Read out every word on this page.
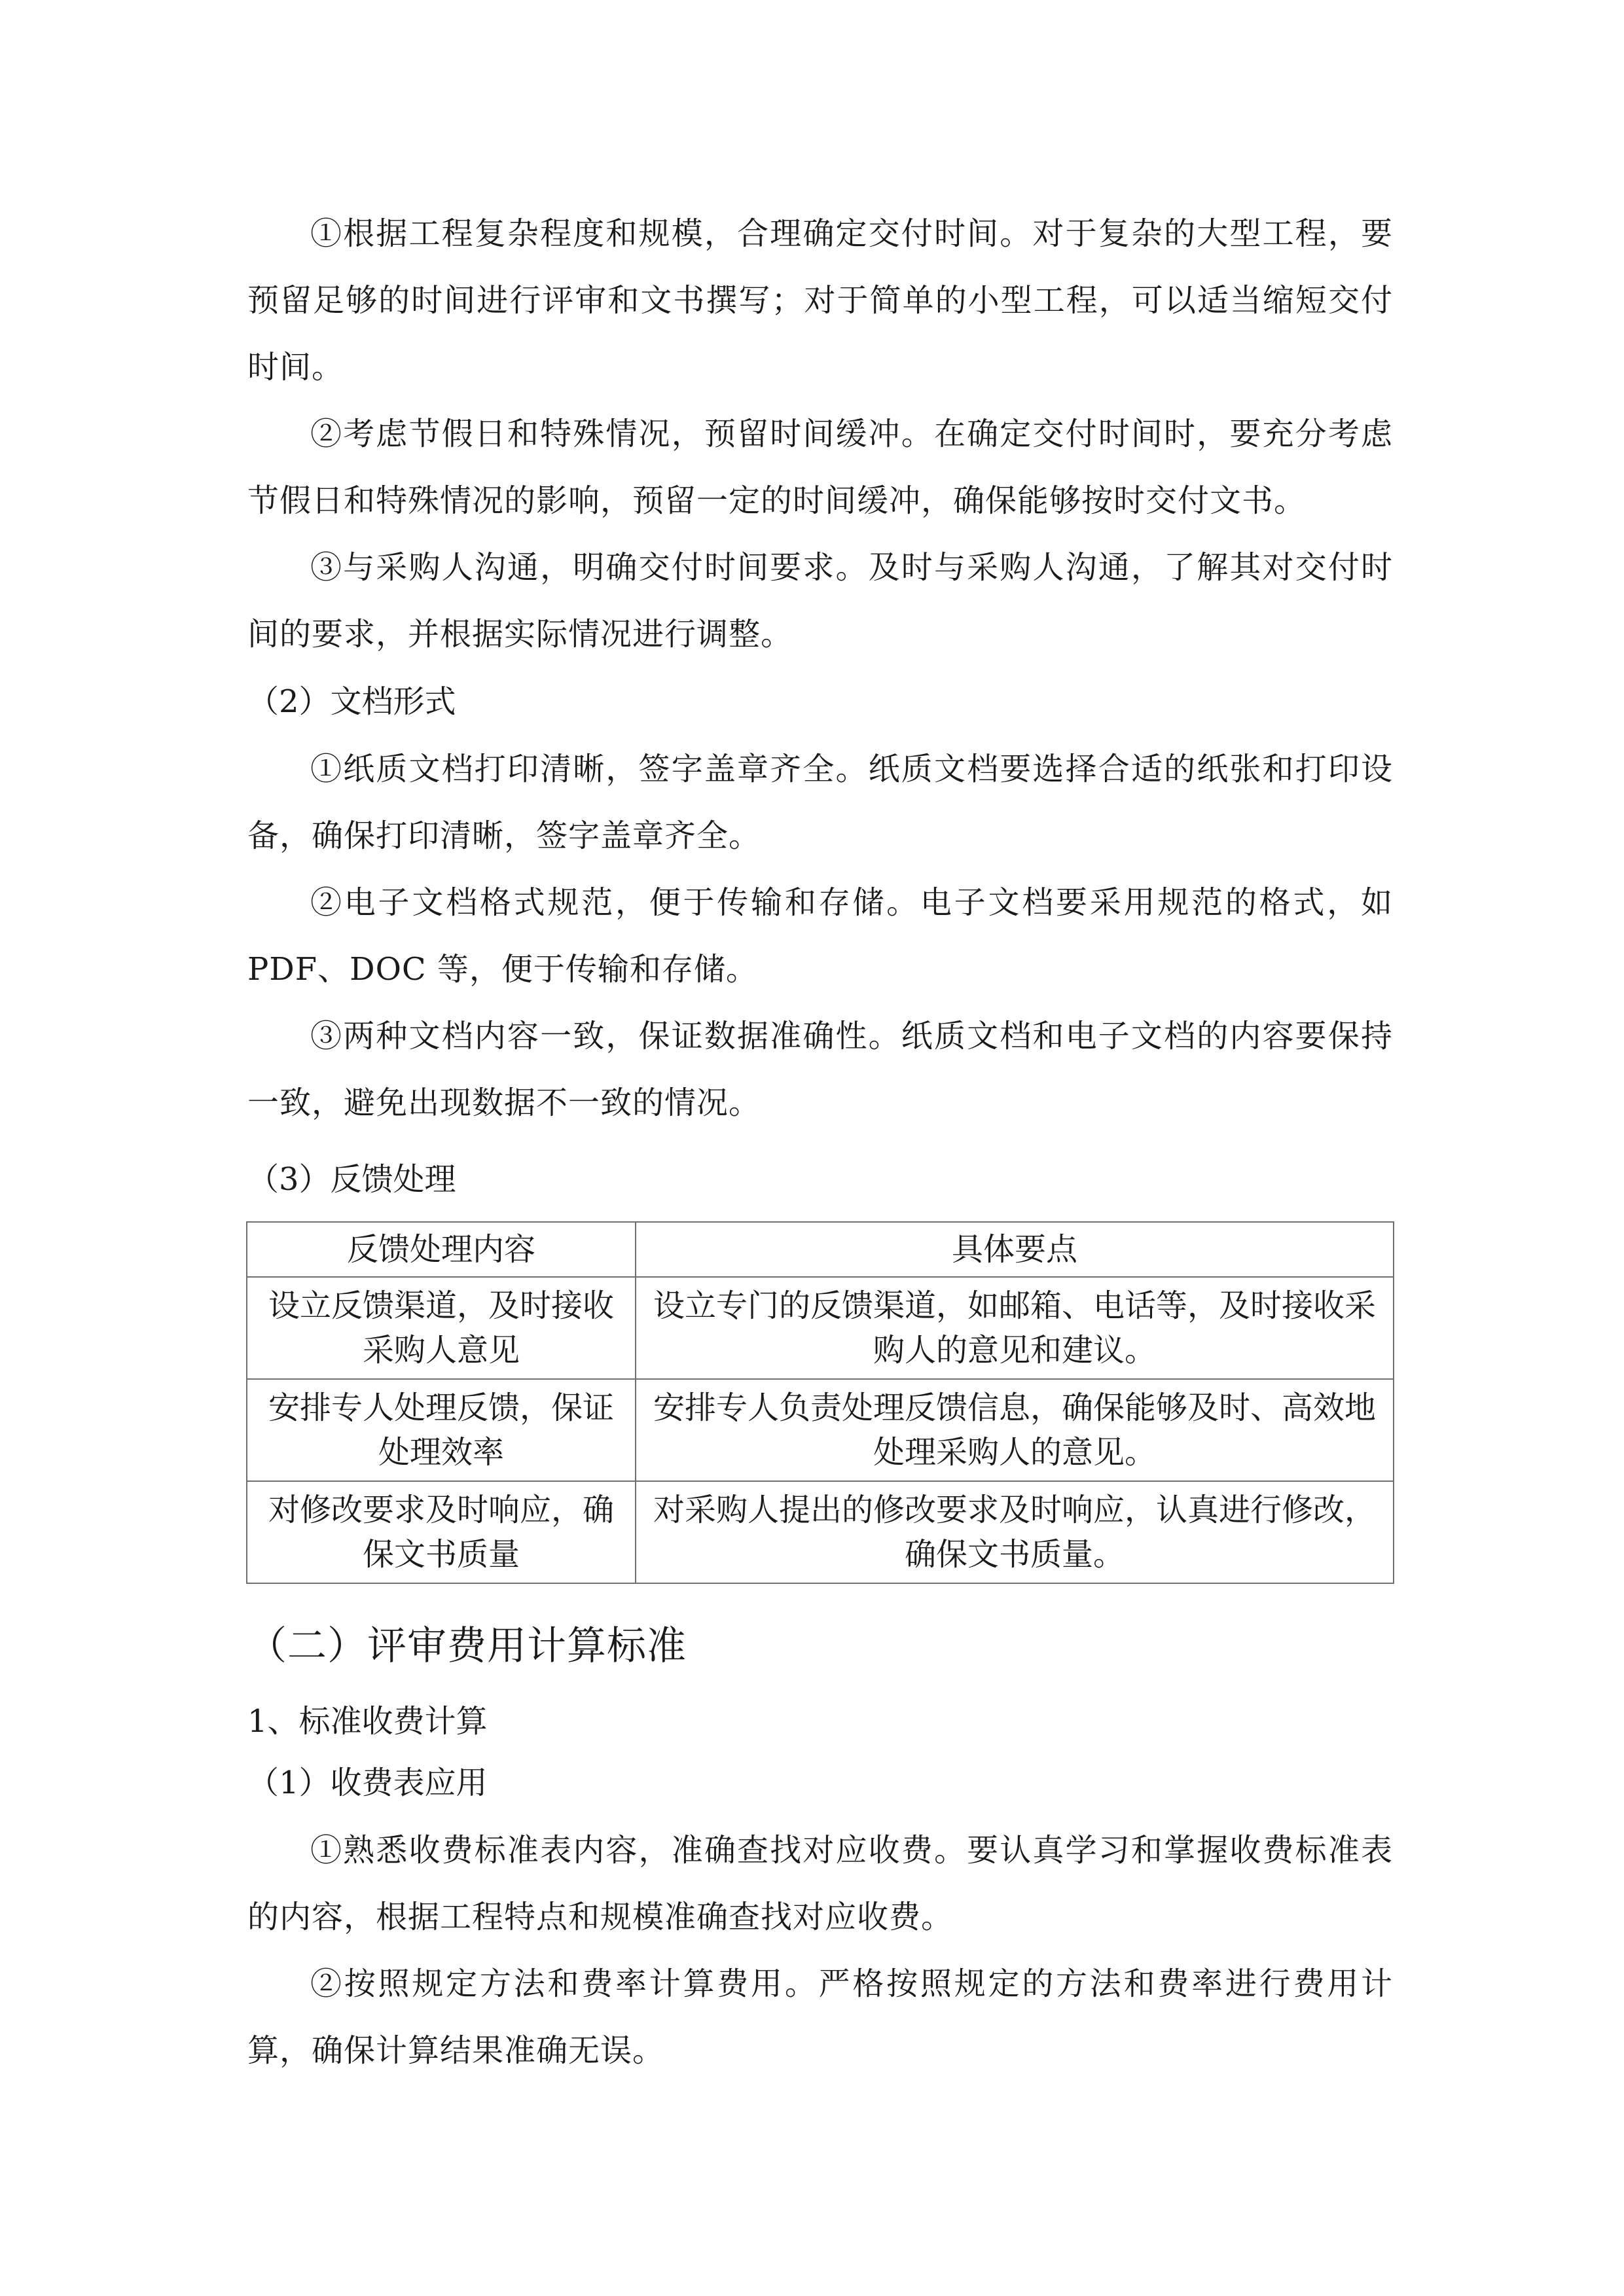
①根据工程复杂程度和规模，合理确定交付时间。对于复杂的大型工程，要预留足够的时间进行评审和文书撰写；对于简单的小型工程，可以适当缩短交付时间。

②考虑节假日和特殊情况，预留时间缓冲。在确定交付时间时，要充分考虑节假日和特殊情况的影响，预留一定的时间缓冲，确保能够按时交付文书。

③与采购人沟通，明确交付时间要求。及时与采购人沟通，了解其对交付时间的要求，并根据实际情况进行调整。

（2）文档形式

①纸质文档打印清晰，签字盖章齐全。纸质文档要选择合适的纸张和打印设备，确保打印清晰，签字盖章齐全。

②电子文档格式规范，便于传输和存储。电子文档要采用规范的格式，如PDF、DOC 等，便于传输和存储。

③两种文档内容一致，保证数据准确性。纸质文档和电子文档的内容要保持一致，避免出现数据不一致的情况。

（3）反馈处理

反馈处理内容	具体要点
设立反馈渠道，及时接收采购人意见	设立专门的反馈渠道，如邮箱、电话等，及时接收采购人的意见和建议。
安排专人处理反馈，保证处理效率	安排专人负责处理反馈信息，确保能够及时、高效地处理采购人的意见。
对修改要求及时响应，确保文书质量	对采购人提出的修改要求及时响应，认真进行修改，确保文书质量。

（二）评审费用计算标准

1、标准收费计算

（1）收费表应用

①熟悉收费标准表内容，准确查找对应收费。要认真学习和掌握收费标准表的内容，根据工程特点和规模准确查找对应收费。

②按照规定方法和费率计算费用。严格按照规定的方法和费率进行费用计算，确保计算结果准确无误。
